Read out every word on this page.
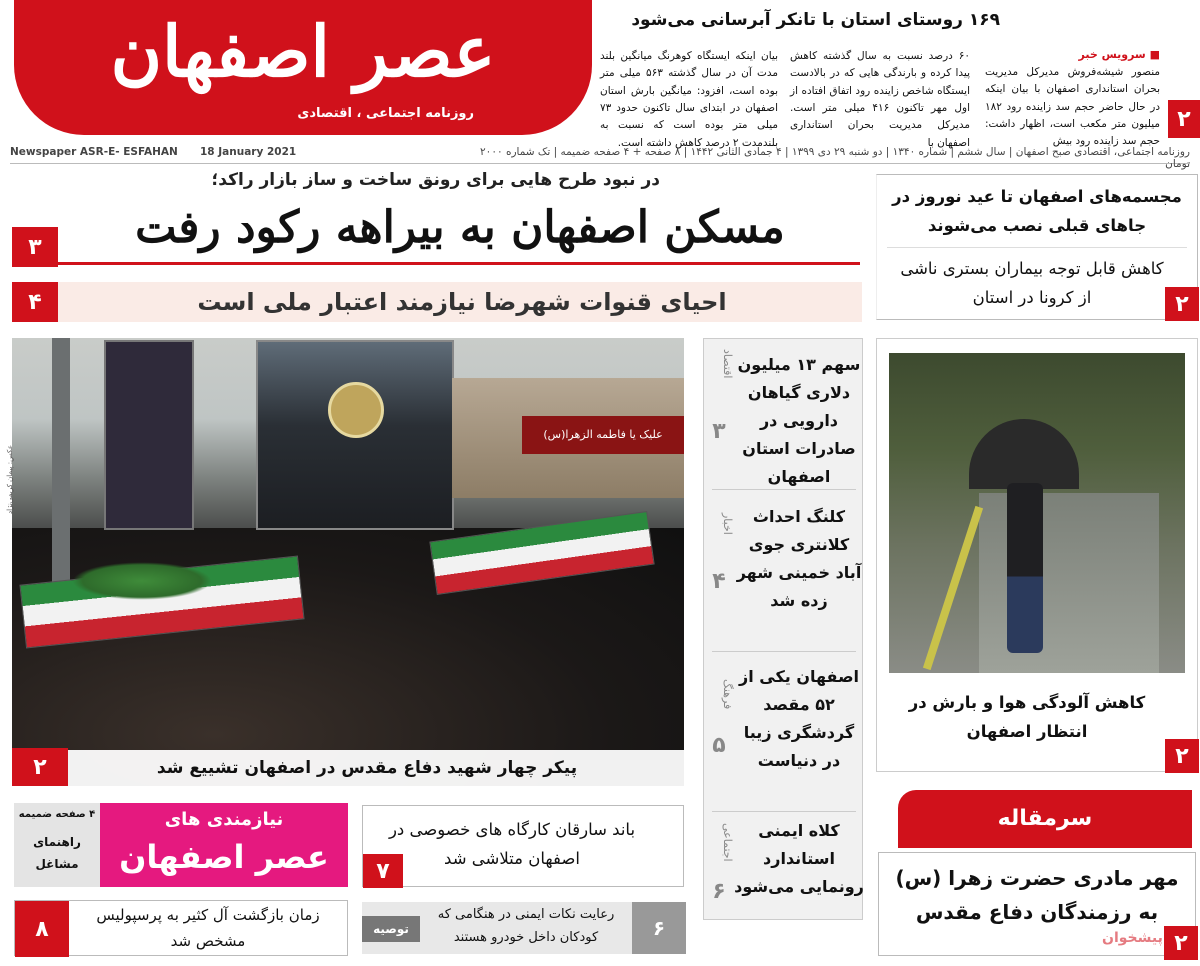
عصر اصفهان
روزنامه اجتماعی ، اقتصادی
۱۶۹ روستای استان با تانکر آبرسانی می‌شود
■ سرویس خبر
منصور شیشه‌فروش مدیرکل مدیریت بحران استانداری اصفهان با بیان اینکه در حال حاضر حجم سد زاینده رود ۱۸۲ میلیون متر مکعب است، اظهار داشت: حجم سد زاینده رود بیش
۶۰ درصد نسبت به سال گذشته کاهش پیدا کرده و بارندگی هایی که در بالادست ایستگاه شاخص زاینده رود اتفاق افتاده از اول مهر تاکنون ۴۱۶ میلی متر است. مدیرکل مدیریت بحران استانداری اصفهان با
بیان اینکه ایستگاه کوهرنگ میانگین بلند مدت آن در سال گذشته ۵۶۳ میلی متر بوده است، افزود: میانگین بارش استان اصفهان در ابتدای سال تاکنون حدود ۷۳ میلی متر بوده است که نسبت به بلندمدت ۲ درصد کاهش داشته است.
۲
Newspaper ASR-E- ESFAHAN 18 January 2021	روزنامه اجتماعی، اقتصادی صبح اصفهان | سال ششم | شماره ۱۳۴۰ | دو شنبه ۲۹ دی ۱۳۹۹ | ۴ جمادی الثانی ۱۴۴۲ | ۸ صفحه + ۴ صفحه ضمیمه | تک شماره ۲۰۰۰ تومان
در نبود طرح هایی برای رونق ساخت و ساز بازار راکد؛
مسکن اصفهان به بیراهه رکود رفت
۳
۴	احیای قنوات شهرضا نیازمند اعتبار ملی است
علیک یا فاطمه الزهرا(س)
پیکر چهار شهید دفاع مقدس در اصفهان تشییع شد
۲
عکس: پیمان کریمی‌نژاد
اقتصاد
۳
سهم ۱۳ میلیون دلاری گیاهان دارویی در صادرات استان اصفهان
اخبار
۴
کلنگ احداث کلانتری جوی آباد خمینی شهر زده شد
فرهنگ
۵
اصفهان یکی از ۵۲ مقصد گردشگری زیبا در دنیاست
اجتماعی
۶
کلاه ایمنی استاندارد رونمایی می‌شود
مجسمه‌های اصفهان تا عید نوروز در جاهای قبلی نصب می‌شوند
کاهش قابل توجه بیماران بستری ناشی از کرونا در استان	۲
کاهش آلودگی هوا و بارش در انتظار اصفهان
۲
۴ صفحه ضمیمه
راهنمای
مشاغل
نیازمندی های
عصر اصفهان
باند سارقان کارگاه های خصوصی در اصفهان متلاشی شد
۷
زمان بازگشت آل کثیر به پرسپولیس مشخص شد
۸	توصیه
رعایت نکات ایمنی در هنگامی که کودکان داخل خودرو هستند	۶
سرمقاله
مهر مادری حضرت زهرا (س) به رزمندگان دفاع مقدس
پیشخوان ۲
